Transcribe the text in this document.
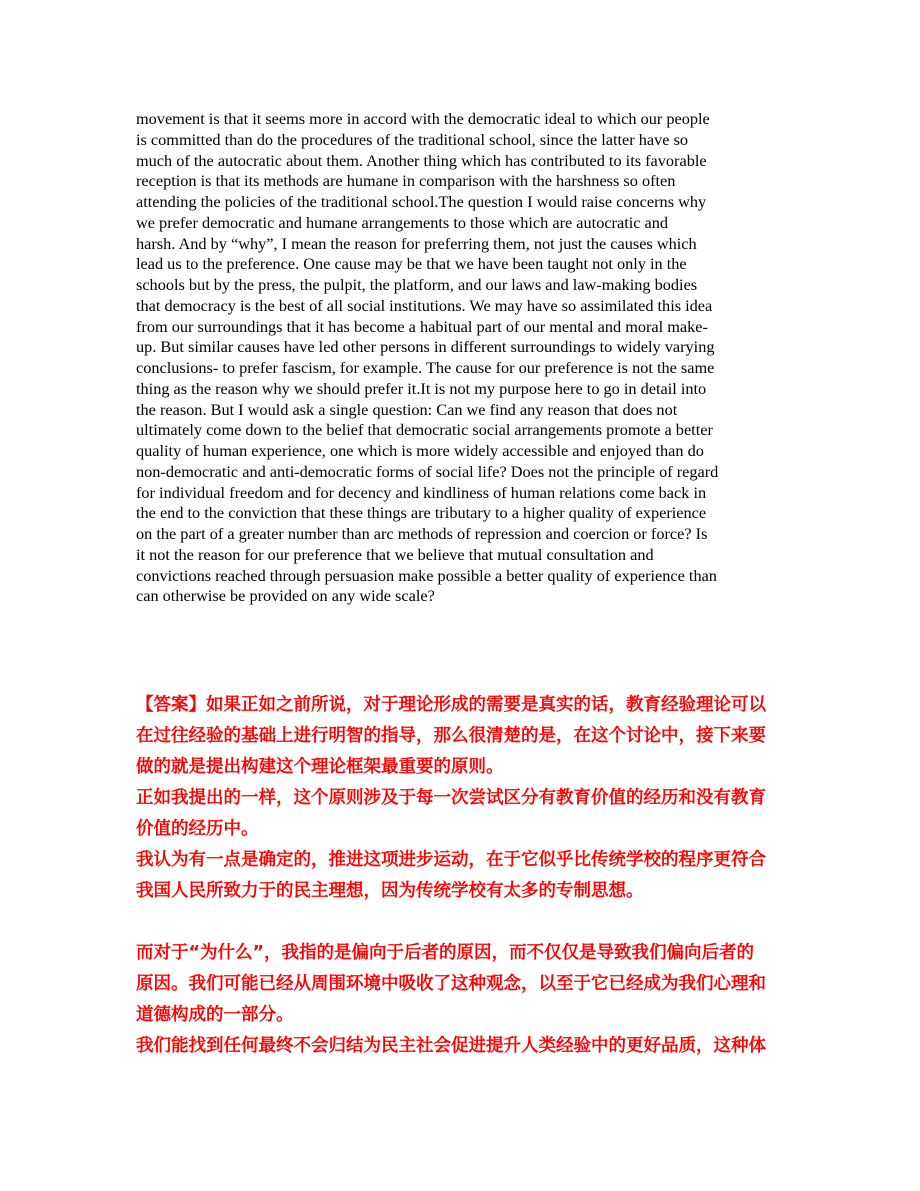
movement is that it seems more in accord with the democratic ideal to which our people
is committed than do the procedures of the traditional school, since the latter have so
much of the autocratic about them. Another thing which has contributed to its favorable
reception is that its methods are humane in comparison with the harshness so often
attending the policies of the traditional school.The question I would raise concerns why
we prefer democratic and humane arrangements to those which are autocratic and
harsh. And by “why”, I mean the reason for preferring them, not just the causes which
lead us to the preference. One cause may be that we have been taught not only in the
schools but by the press, the pulpit, the platform, and our laws and law-making bodies
that democracy is the best of all social institutions. We may have so assimilated this idea
from our surroundings that it has become a habitual part of our mental and moral make-
up. But similar causes have led other persons in different surroundings to widely varying
conclusions- to prefer fascism, for example. The cause for our preference is not the same
thing as the reason why we should prefer it.It is not my purpose here to go in detail into
the reason. But I would ask a single question: Can we find any reason that does not
ultimately come down to the belief that democratic social arrangements promote a better
quality of human experience, one which is more widely accessible and enjoyed than do
non-democratic and anti-democratic forms of social life? Does not the principle of regard
for individual freedom and for decency and kindliness of human relations come back in
the end to the conviction that these things are tributary to a higher quality of experience
on the part of a greater number than arc methods of repression and coercion or force? Is
it not the reason for our preference that we believe that mutual consultation and
convictions reached through persuasion make possible a better quality of experience than
can otherwise be provided on any wide scale?
【答案】如果正如之前所说，对于理论形成的需要是真实的话，教育经验理论可以
在过往经验的基础上进行明智的指导，那么很清楚的是，在这个讨论中，接下来要
做的就是提出构建这个理论框架最重要的原则。
正如我提出的一样，这个原则涉及于每一次尝试区分有教育价值的经历和没有教育
价值的经历中。
我认为有一点是确定的，推进这项进步运动，在于它似乎比传统学校的程序更符合
我国人民所致力于的民主理想，因为传统学校有太多的专制思想。
而对于“为什么”，我指的是偏向于后者的原因，而不仅仅是导致我们偏向后者的
原因。我们可能已经从周围环境中吸收了这种观念，以至于它已经成为我们心理和
道德构成的一部分。
我们能找到任何最终不会归结为民主社会促进提升人类经验中的更好品质，这种体
